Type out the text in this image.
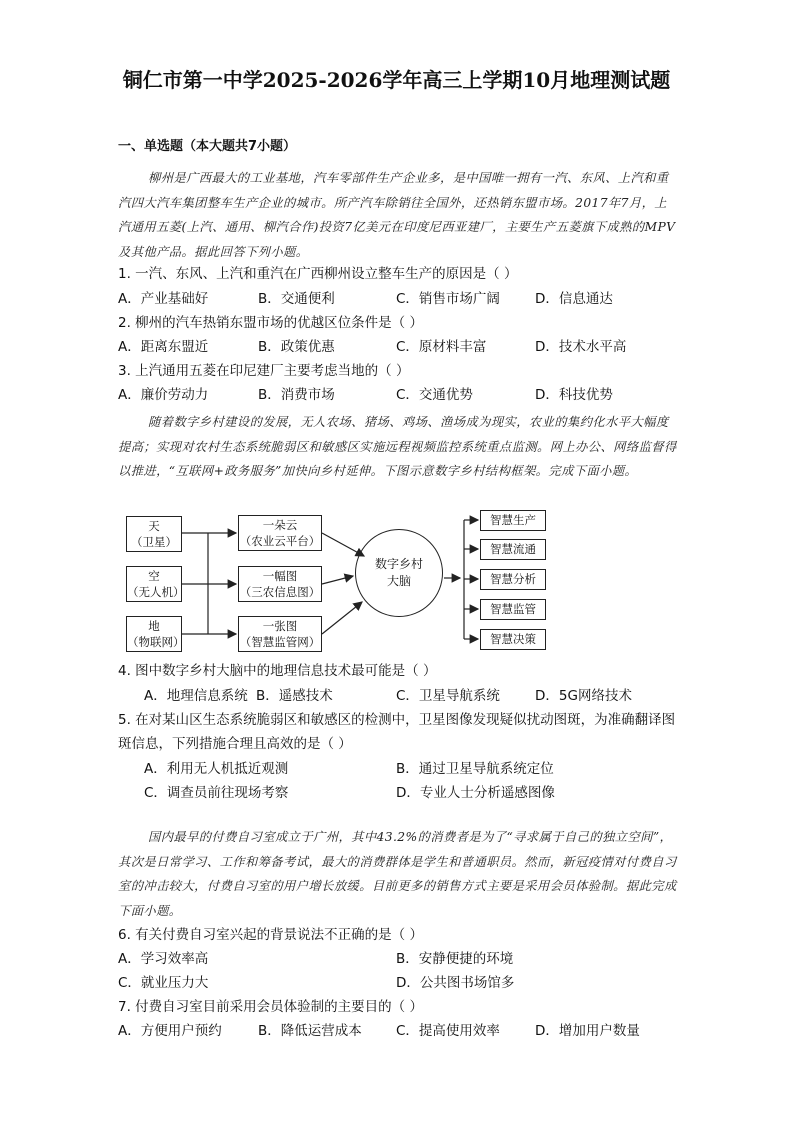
铜仁市第一中学2025-2026学年高三上学期10月地理测试题
一、单选题（本大题共7小题）
柳州是广西最大的工业基地，汽车零部件生产企业多，是中国唯一拥有一汽、东风、上汽和重汽四大汽车集团整车生产企业的城市。所产汽车除销往全国外，还热销东盟市场。2017年7月，上汽通用五菱(上汽、通用、柳汽合作)投资7亿美元在印度尼西亚建厂，主要生产五菱旗下成熟的MPV及其他产品。据此回答下列小题。
1. 一汽、东风、上汽和重汽在广西柳州设立整车生产的原因是（ ）
A．产业基础好	B．交通便利	C．销售市场广阔	D．信息通达
2. 柳州的汽车热销东盟市场的优越区位条件是（ ）
A．距离东盟近	B．政策优惠	C．原材料丰富	D．技术水平高
3. 上汽通用五菱在印尼建厂主要考虑当地的（ ）
A．廉价劳动力	B．消费市场	C．交通优势	D．科技优势
随着数字乡村建设的发展，无人农场、猪场、鸡场、渔场成为现实，农业的集约化水平大幅度提高；实现对农村生态系统脆弱区和敏感区实施远程视频监控系统重点监测。网上办公、网络监督得以推进，“互联网+政务服务”加快向乡村延伸。下图示意数字乡村结构框架。完成下面小题。
天
（卫星）
空
（无人机）
地
（物联网）
一朵云
（农业云平台）
一幅图
（三农信息图）
一张图
（智慧监管网）
数字乡村
大脑
智慧生产
智慧流通
智慧分析
智慧监管
智慧决策
4. 图中数字乡村大脑中的地理信息技术最可能是（ ）
A．地理信息系统 B．遥感技术	C．卫星导航系统	D．5G网络技术
5. 在对某山区生态系统脆弱区和敏感区的检测中，卫星图像发现疑似扰动图斑，为准确翻译图斑信息，下列措施合理且高效的是（ ）
A．利用无人机抵近观测	B．通过卫星导航系统定位
C．调查员前往现场考察	D．专业人士分析遥感图像
国内最早的付费自习室成立于广州，其中43.2%的消费者是为了“寻求属于自己的独立空间”，其次是日常学习、工作和筹备考试，最大的消费群体是学生和普通职员。然而，新冠疫情对付费自习室的冲击较大，付费自习室的用户增长放缓。目前更多的销售方式主要是采用会员体验制。据此完成下面小题。
6. 有关付费自习室兴起的背景说法不正确的是（ ）
A．学习效率高	B．安静便捷的环境
C．就业压力大	D．公共图书场馆多
7. 付费自习室目前采用会员体验制的主要目的（ ）
A．方便用户预约	B．降低运营成本	C．提高使用效率	D．增加用户数量
